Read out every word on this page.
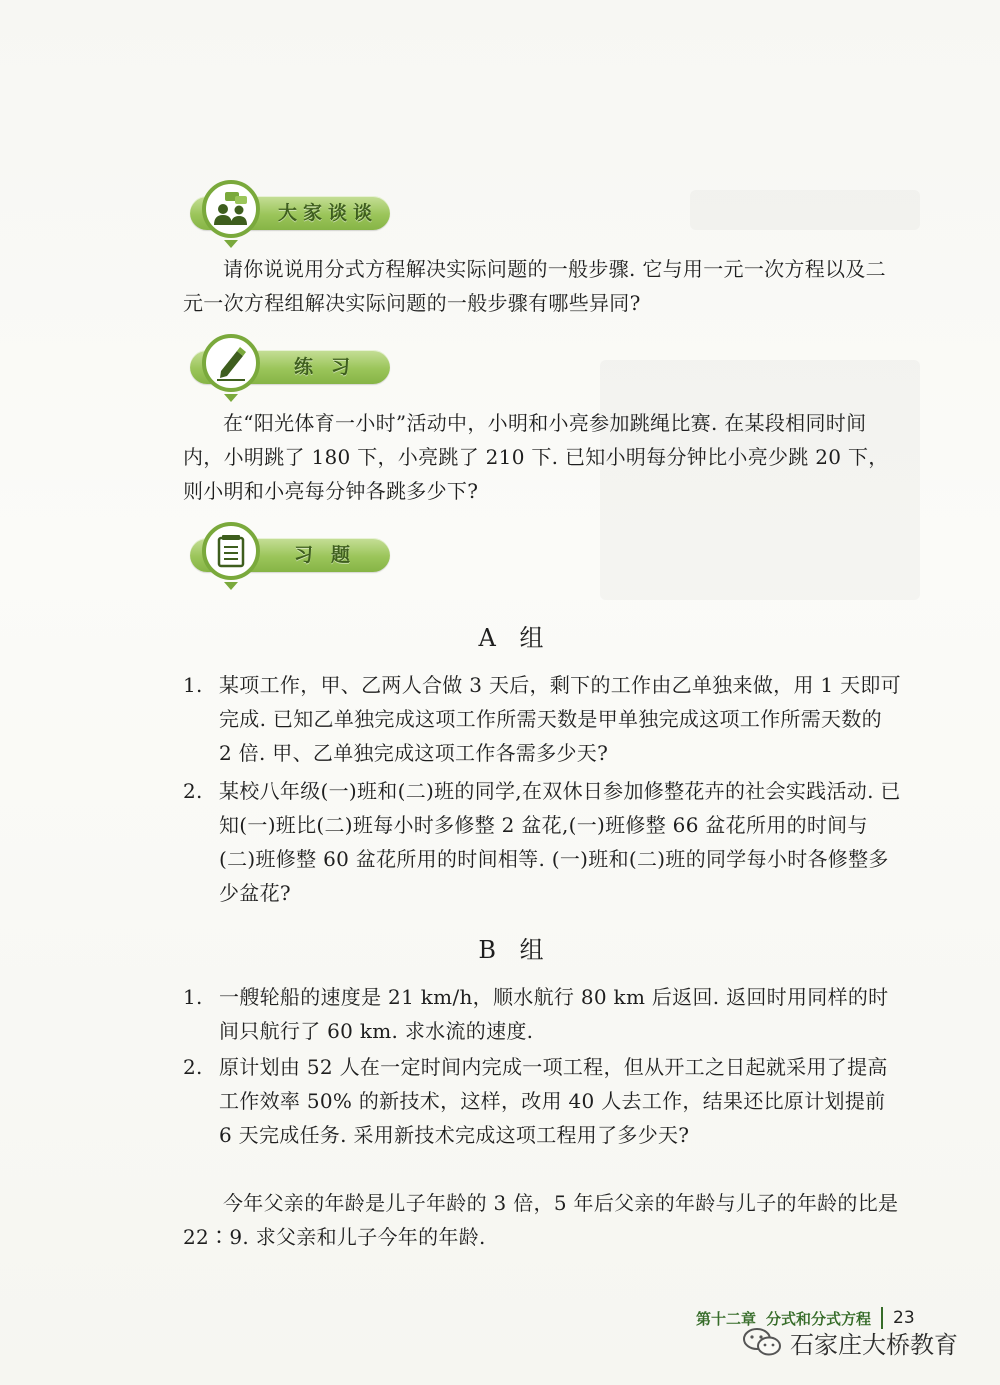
大家谈谈

请你说说用分式方程解决实际问题的一般步骤. 它与用一元一次方程以及二元一次方程组解决实际问题的一般步骤有哪些异同?

练习

在“阳光体育一小时”活动中，小明和小亮参加跳绳比赛. 在某段相同时间内，小明跳了 180 下，小亮跳了 210 下. 已知小明每分钟比小亮少跳 20 下，则小明和小亮每分钟各跳多少下?

习题
A 组
1. 某项工作，甲、乙两人合做 3 天后，剩下的工作由乙单独来做，用 1 天即可完成. 已知乙单独完成这项工作所需天数是甲单独完成这项工作所需天数的 2 倍. 甲、乙单独完成这项工作各需多少天?
2. 某校八年级(一)班和(二)班的同学,在双休日参加修整花卉的社会实践活动. 已知(一)班比(二)班每小时多修整 2 盆花,(一)班修整 66 盆花所用的时间与(二)班修整 60 盆花所用的时间相等. (一)班和(二)班的同学每小时各修整多少盆花?
B 组
1. 一艘轮船的速度是 21 km/h，顺水航行 80 km 后返回. 返回时用同样的时间只航行了 60 km. 求水流的速度.
2. 原计划由 52 人在一定时间内完成一项工程，但从开工之日起就采用了提高工作效率 50% 的新技术，这样，改用 40 人去工作，结果还比原计划提前 6 天完成任务. 采用新技术完成这项工程用了多少天?

今年父亲的年龄是儿子年龄的 3 倍，5 年后父亲的年龄与儿子的年龄的比是 22∶9. 求父亲和儿子今年的年龄.

第十二章 分式和分式方程 23
石家庄大桥教育
